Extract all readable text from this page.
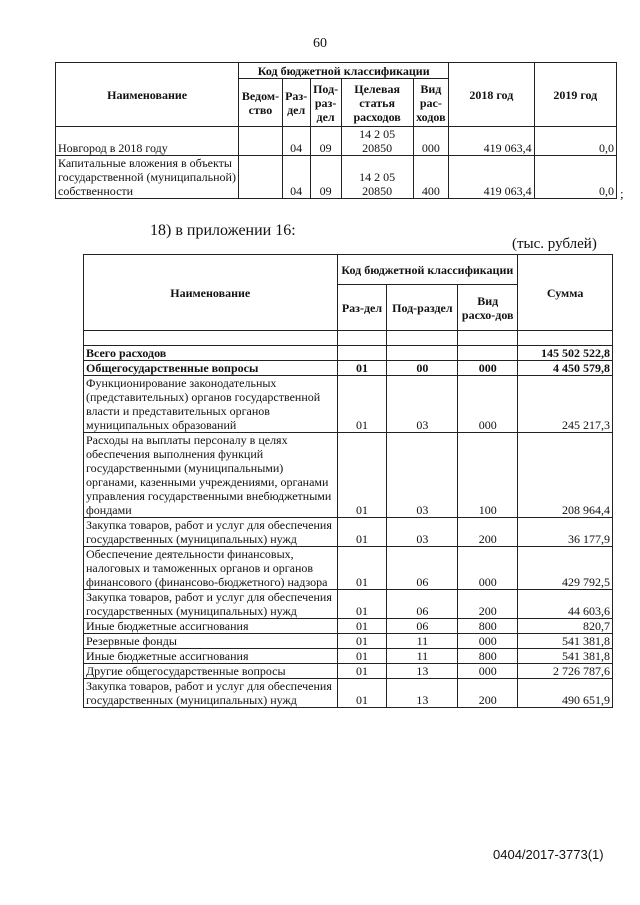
60
Наименование	Код бюджетной классификации					2018 год	2019 год
	Ведом-ство	Раз-дел	Под-раз-дел	Целевая статья расходов	Вид рас-ходов		
Новгород в 2018 году		04	09	14 2 05 20850	000	419 063,4	0,0
Капитальные вложения в объекты государственной (муниципальной) собственности		04	09	14 2 05 20850	400	419 063,4	0,0 ;
18) в приложении 16:
(тыс. рублей)
Наименование	Код бюджетной классификации			Сумма
	Раз-дел	Под-раздел	Вид расхо-дов	

Всего расходов				145 502 522,8
Общегосударственные вопросы	01	00	000	4 450 579,8
Функционирование законодательных (представительных) органов государственной власти и представительных органов муниципальных образований	01	03	000	245 217,3
Расходы на выплаты персоналу в целях обеспечения выполнения функций государственными (муниципальными) органами, казенными учреждениями, органами управления государственными внебюджетными фондами	01	03	100	208 964,4
Закупка товаров, работ и услуг для обеспечения государственных (муниципальных) нужд	01	03	200	36 177,9
Обеспечение деятельности финансовых, налоговых и таможенных органов и органов финансового (финансово-бюджетного) надзора	01	06	000	429 792,5
Закупка товаров, работ и услуг для обеспечения государственных (муниципальных) нужд	01	06	200	44 603,6
Иные бюджетные ассигнования	01	06	800	820,7
Резервные фонды	01	11	000	541 381,8
Иные бюджетные ассигнования	01	11	800	541 381,8
Другие общегосударственные вопросы	01	13	000	2 726 787,6
Закупка товаров, работ и услуг для обеспечения государственных (муниципальных) нужд	01	13	200	490 651,9
0404/2017-3773(1)
